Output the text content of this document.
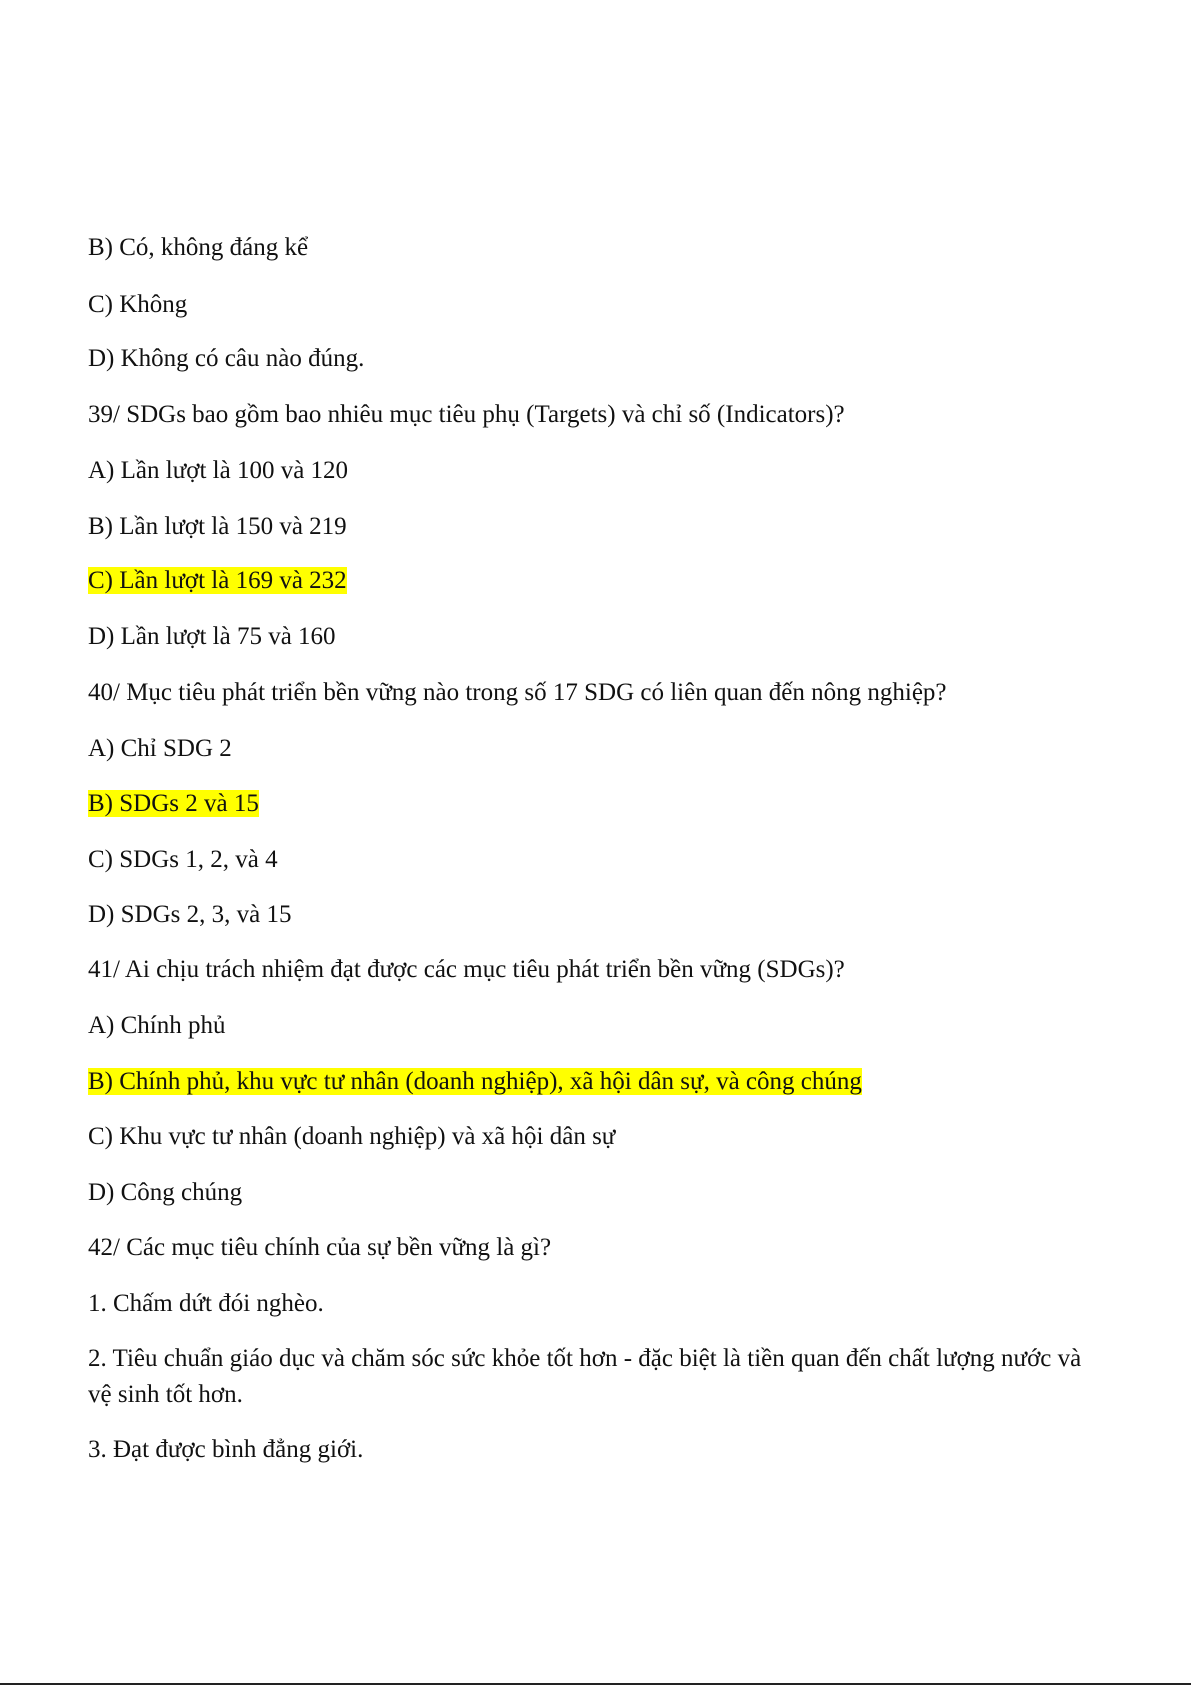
B) Có, không đáng kể
C) Không
D) Không có câu nào đúng.
39/ SDGs bao gồm bao nhiêu mục tiêu phụ (Targets) và chỉ số (Indicators)?
A) Lần lượt là 100 và 120
B) Lần lượt là 150 và 219
C) Lần lượt là 169 và 232
D) Lần lượt là 75 và 160
40/ Mục tiêu phát triển bền vững nào trong số 17 SDG có liên quan đến nông nghiệp?
A) Chỉ SDG 2
B) SDGs 2 và 15
C) SDGs 1, 2, và 4
D) SDGs 2, 3, và 15
41/ Ai chịu trách nhiệm đạt được các mục tiêu phát triển bền vững (SDGs)?
A) Chính phủ
B) Chính phủ, khu vực tư nhân (doanh nghiệp), xã hội dân sự, và công chúng
C) Khu vực tư nhân (doanh nghiệp) và xã hội dân sự
D) Công chúng
42/ Các mục tiêu chính của sự bền vững là gì?
1. Chấm dứt đói nghèo.
2. Tiêu chuẩn giáo dục và chăm sóc sức khỏe tốt hơn - đặc biệt là tiền quan đến chất lượng nước và vệ sinh tốt hơn.
3. Đạt được bình đẳng giới.
